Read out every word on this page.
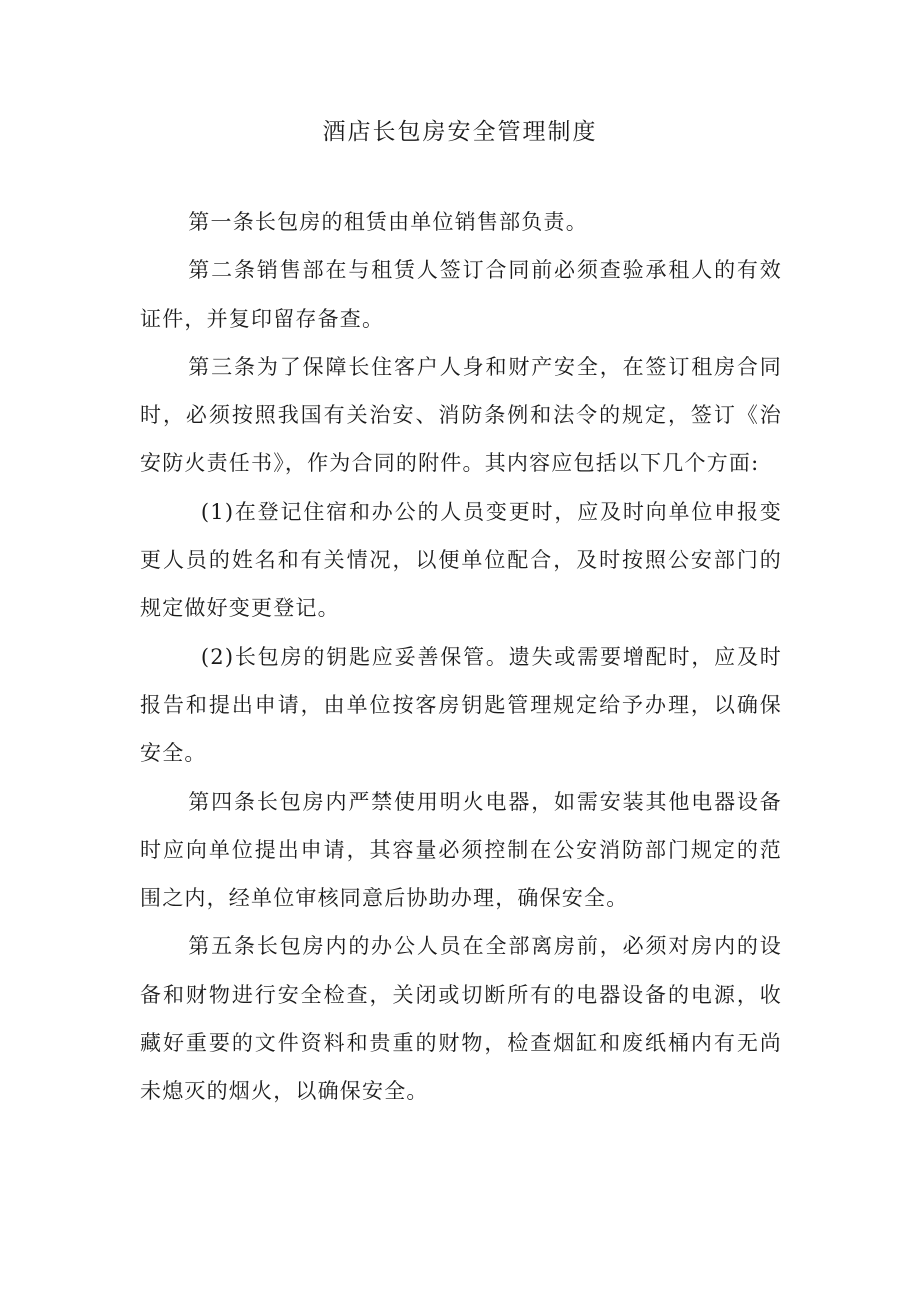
酒店长包房安全管理制度

第一条长包房的租赁由单位销售部负责。

第二条销售部在与租赁人签订合同前必须查验承租人的有效证件，并复印留存备查。

第三条为了保障长住客户人身和财产安全，在签订租房合同时，必须按照我国有关治安、消防条例和法令的规定，签订《治安防火责任书》，作为合同的附件。其内容应包括以下几个方面:

(1)在登记住宿和办公的人员变更时，应及时向单位申报变更人员的姓名和有关情况，以便单位配合，及时按照公安部门的规定做好变更登记。

(2)长包房的钥匙应妥善保管。遗失或需要增配时，应及时报告和提出申请，由单位按客房钥匙管理规定给予办理，以确保安全。

第四条长包房内严禁使用明火电器，如需安装其他电器设备时应向单位提出申请，其容量必须控制在公安消防部门规定的范围之内，经单位审核同意后协助办理，确保安全。

第五条长包房内的办公人员在全部离房前，必须对房内的设备和财物进行安全检查，关闭或切断所有的电器设备的电源，收藏好重要的文件资料和贵重的财物，检查烟缸和废纸桶内有无尚未熄灭的烟火，以确保安全。
